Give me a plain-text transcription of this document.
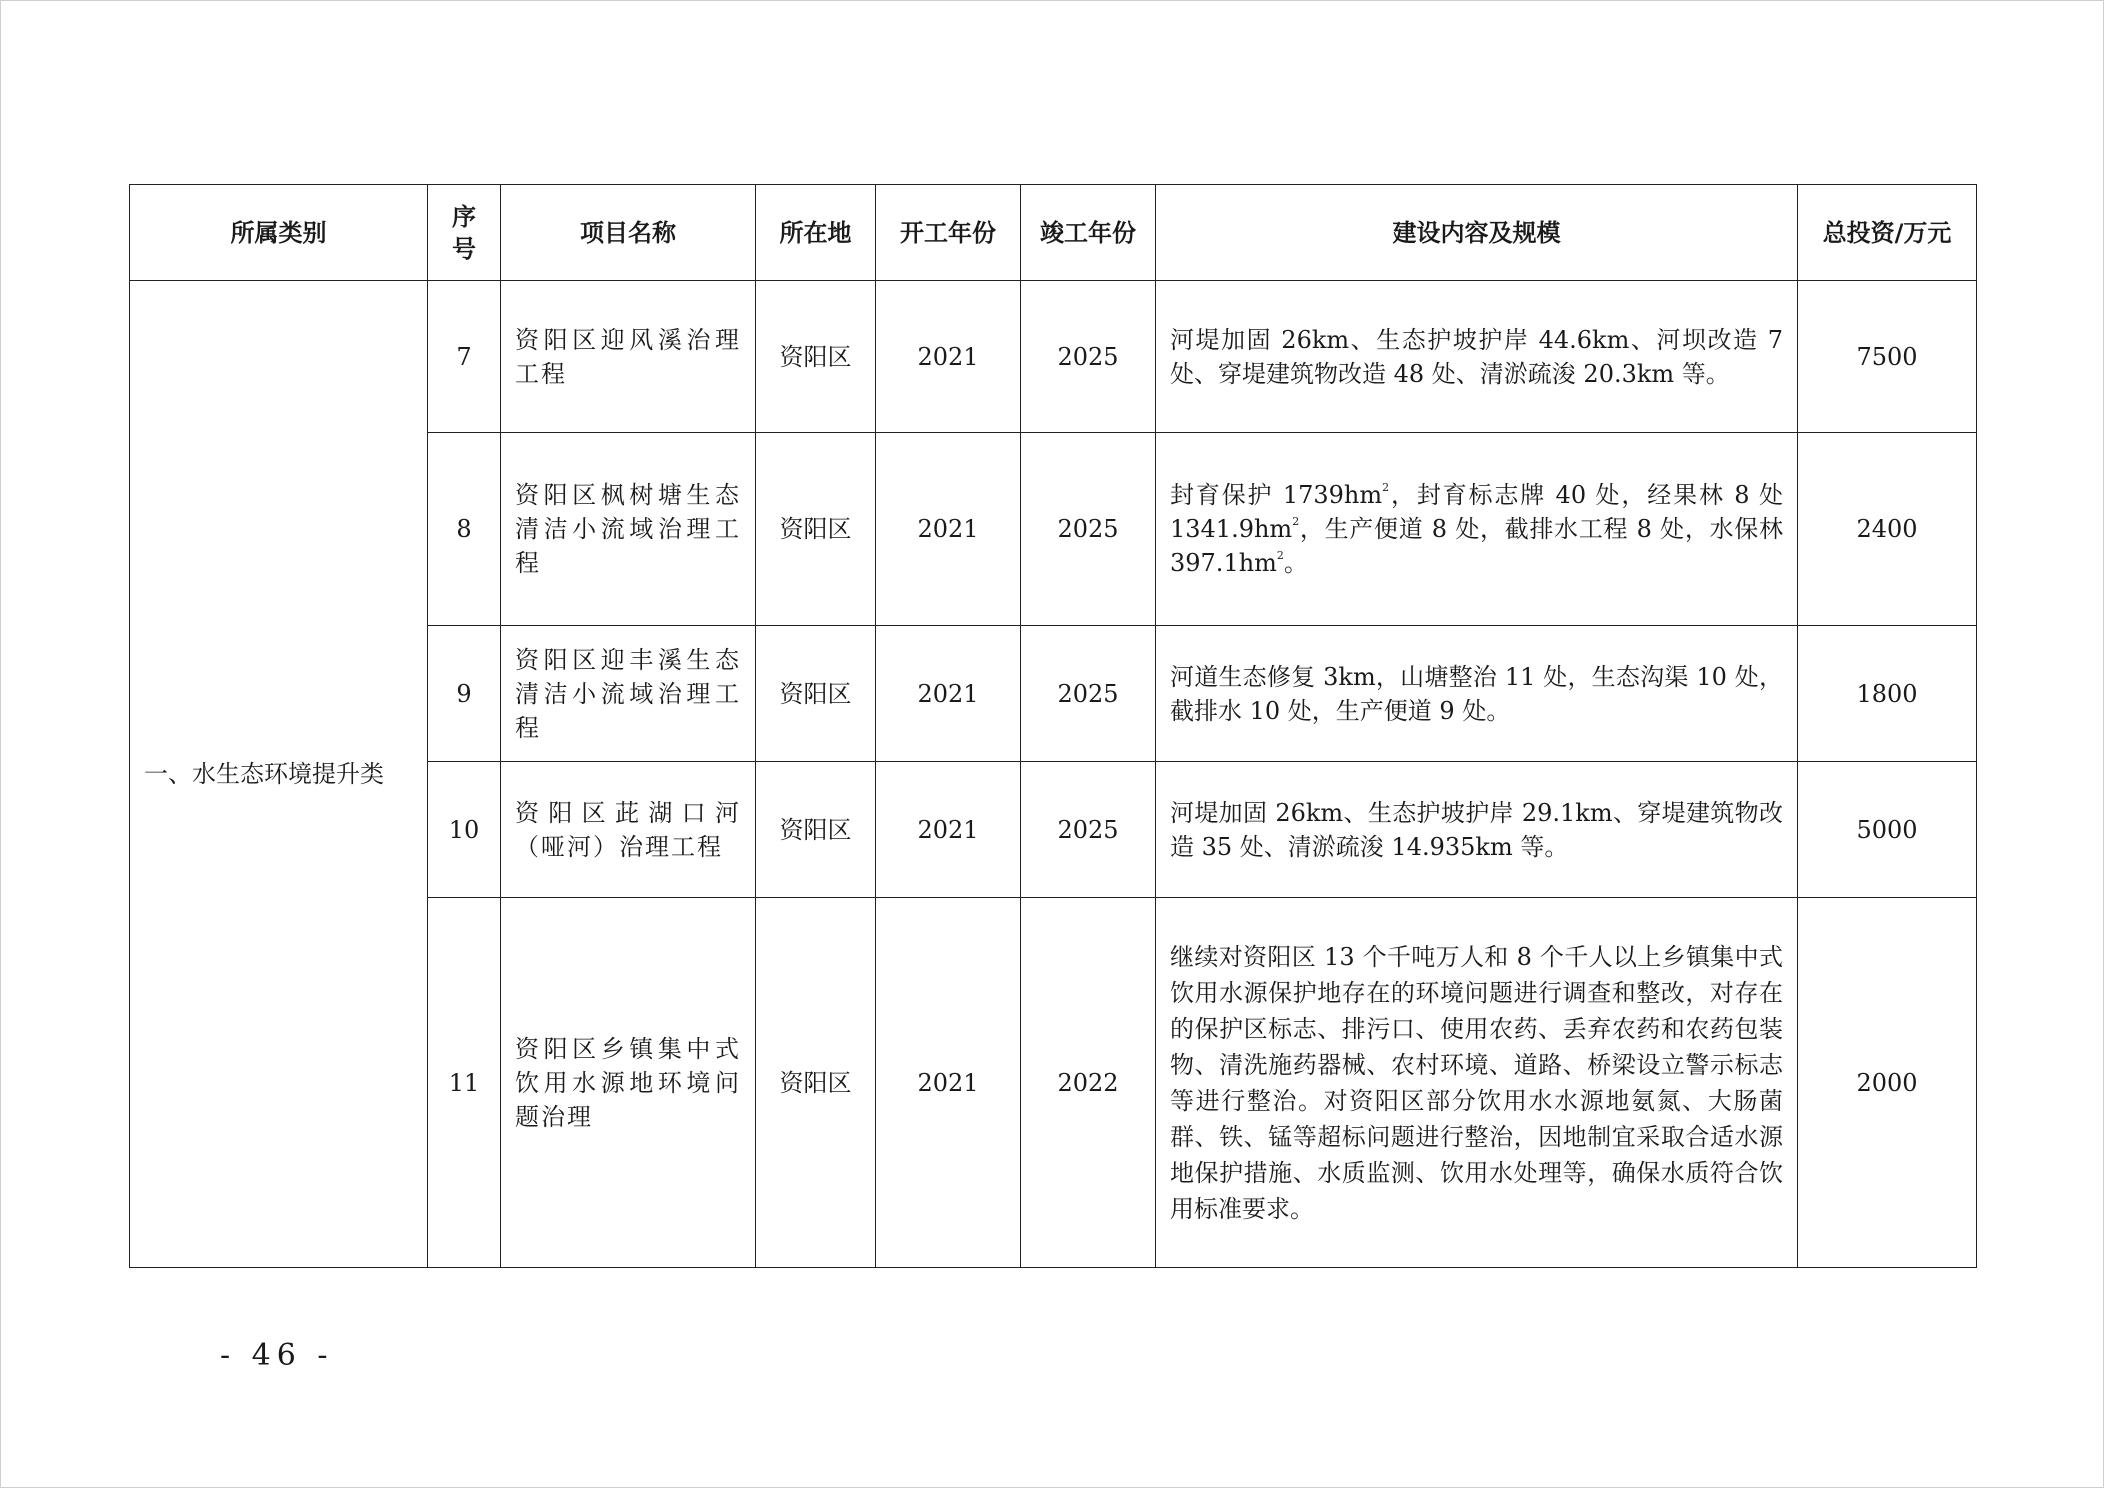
所属类别	序号	项目名称	所在地	开工年份	竣工年份	建设内容及规模	总投资/万元
一、水生态环境提升类	7	资阳区迎风溪治理工程	资阳区	2021	2025	河堤加固 26km、生态护坡护岸 44.6km、河坝改造 7 处、穿堤建筑物改造 48 处、清淤疏浚 20.3km 等。	7500
	8	资阳区枫树塘生态清洁小流域治理工程	资阳区	2021	2025	封育保护 $1739hm^2$，封育标志牌 40 处，经果林 8 处 $1341.9hm^2$，生产便道 8 处，截排水工程 8 处，水保林 $397.1hm^2$。	2400
	9	资阳区迎丰溪生态清洁小流域治理工程	资阳区	2021	2025	河道生态修复 3km，山塘整治 11 处，生态沟渠 10 处，截排水 10 处，生产便道 9 处。	1800
	10	资阳区茈湖口河（哑河）治理工程	资阳区	2021	2025	河堤加固 26km、生态护坡护岸 29.1km、穿堤建筑物改造 35 处、清淤疏浚 14.935km 等。	5000
	11	资阳区乡镇集中式饮用水源地环境问题治理	资阳区	2021	2022	继续对资阳区 13 个千吨万人和 8 个千人以上乡镇集中式饮用水源保护地存在的环境问题进行调查和整改，对存在的保护区标志、排污口、使用农药、丢弃农药和农药包装物、清洗施药器械、农村环境、道路、桥梁设立警示标志等进行整治。对资阳区部分饮用水水源地氨氮、大肠菌群、铁、锰等超标问题进行整治，因地制宜采取合适水源地保护措施、水质监测、饮用水处理等，确保水质符合饮用标准要求。	2000
- 46 -
